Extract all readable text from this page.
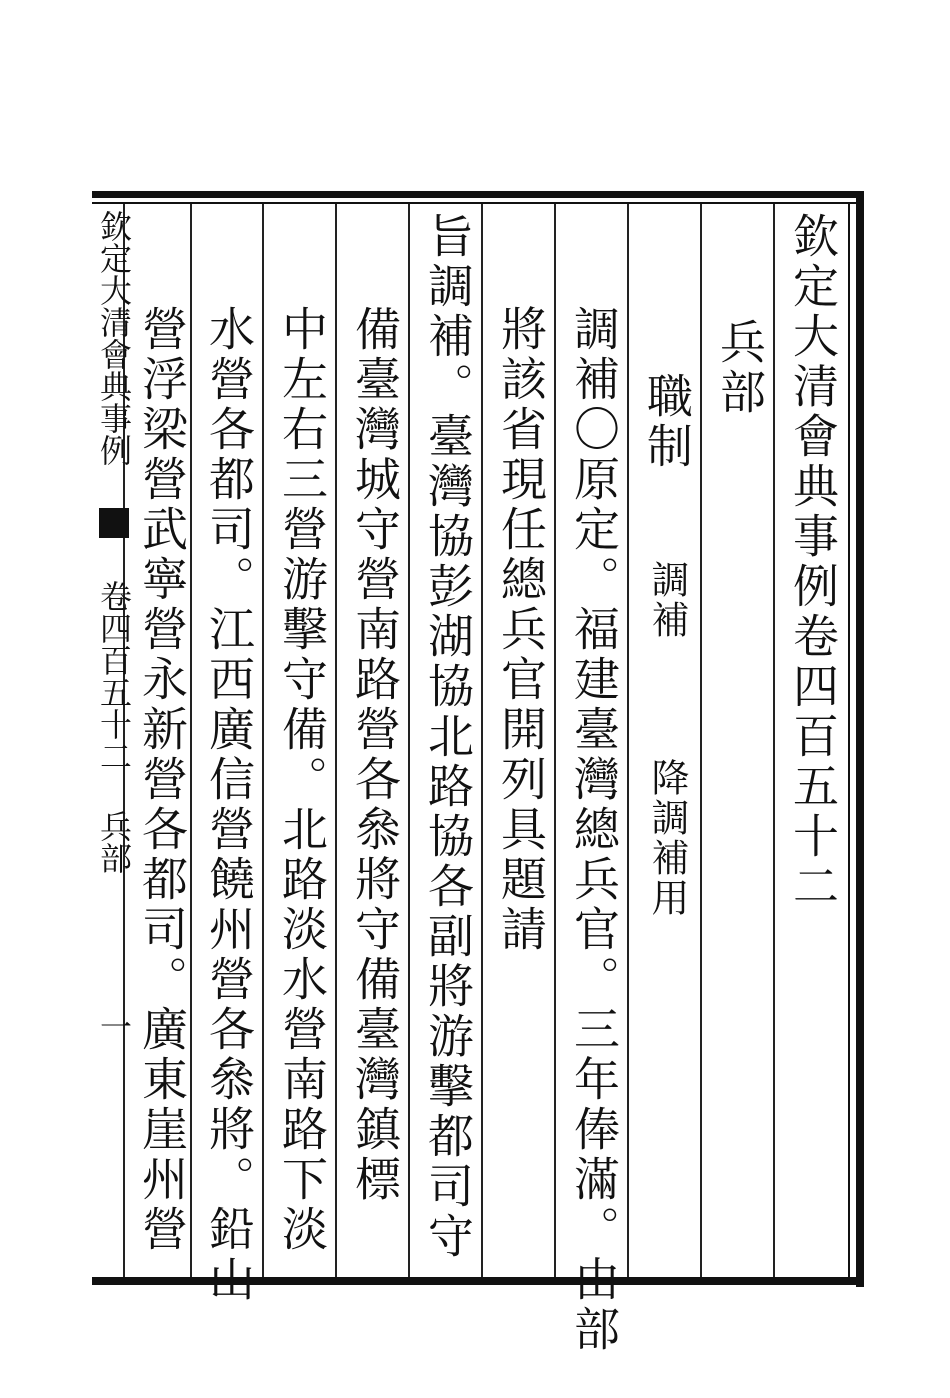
欽定大清會典事例卷四百五十二
兵部
職制 調補 降調補用
調補〇原定。福建臺灣總兵官。三年俸滿。由部
將該省現任總兵官開列具題請
旨調補。臺灣協彭湖協北路協各副將游擊都司守
備臺灣城守營南路營各叅將守備臺灣鎮標
中左右三營游擊守備。北路淡水營南路下淡
水營各都司。江西廣信營饒州營各叅將。鉛山
營浮梁營武寧營永新營各都司。廣東崖州營
欽定大清會典事例  卷四百五十二 兵部
一
